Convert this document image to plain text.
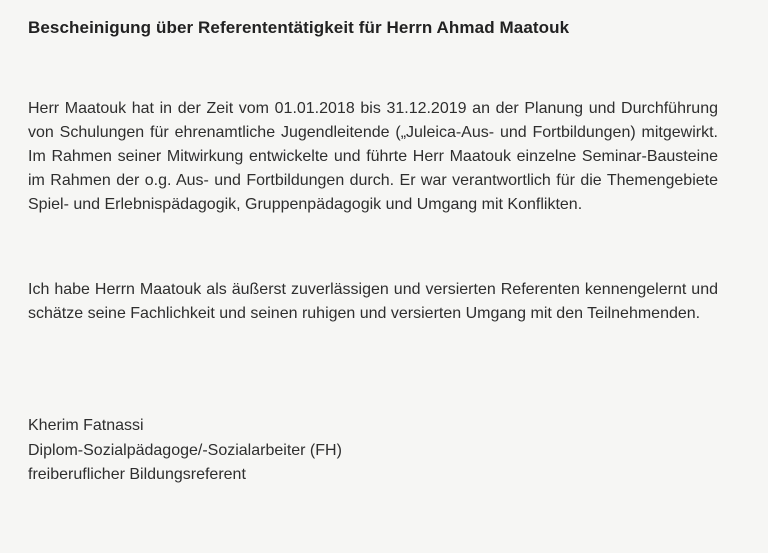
Bescheinigung über Referententätigkeit für Herrn Ahmad Maatouk
Herr Maatouk hat in der Zeit vom 01.01.2018 bis 31.12.2019 an der Planung und Durchführung von Schulungen für ehrenamtliche Jugendleitende („Juleica-Aus- und Fortbildungen) mitgewirkt. Im Rahmen seiner Mitwirkung entwickelte und führte Herr Maatouk einzelne Seminar-Bausteine im Rahmen der o.g. Aus- und Fortbildungen durch. Er war verantwortlich für die Themengebiete Spiel- und Erlebnispädagogik, Gruppenpädagogik und Umgang mit Konflikten.
Ich habe Herrn Maatouk als äußerst zuverlässigen und versierten Referenten kennengelernt und schätze seine Fachlichkeit und seinen ruhigen und versierten Umgang mit den Teilnehmenden.
Kherim Fatnassi
Diplom-Sozialpädagoge/-Sozialarbeiter (FH)
freiberuflicher Bildungsreferent
